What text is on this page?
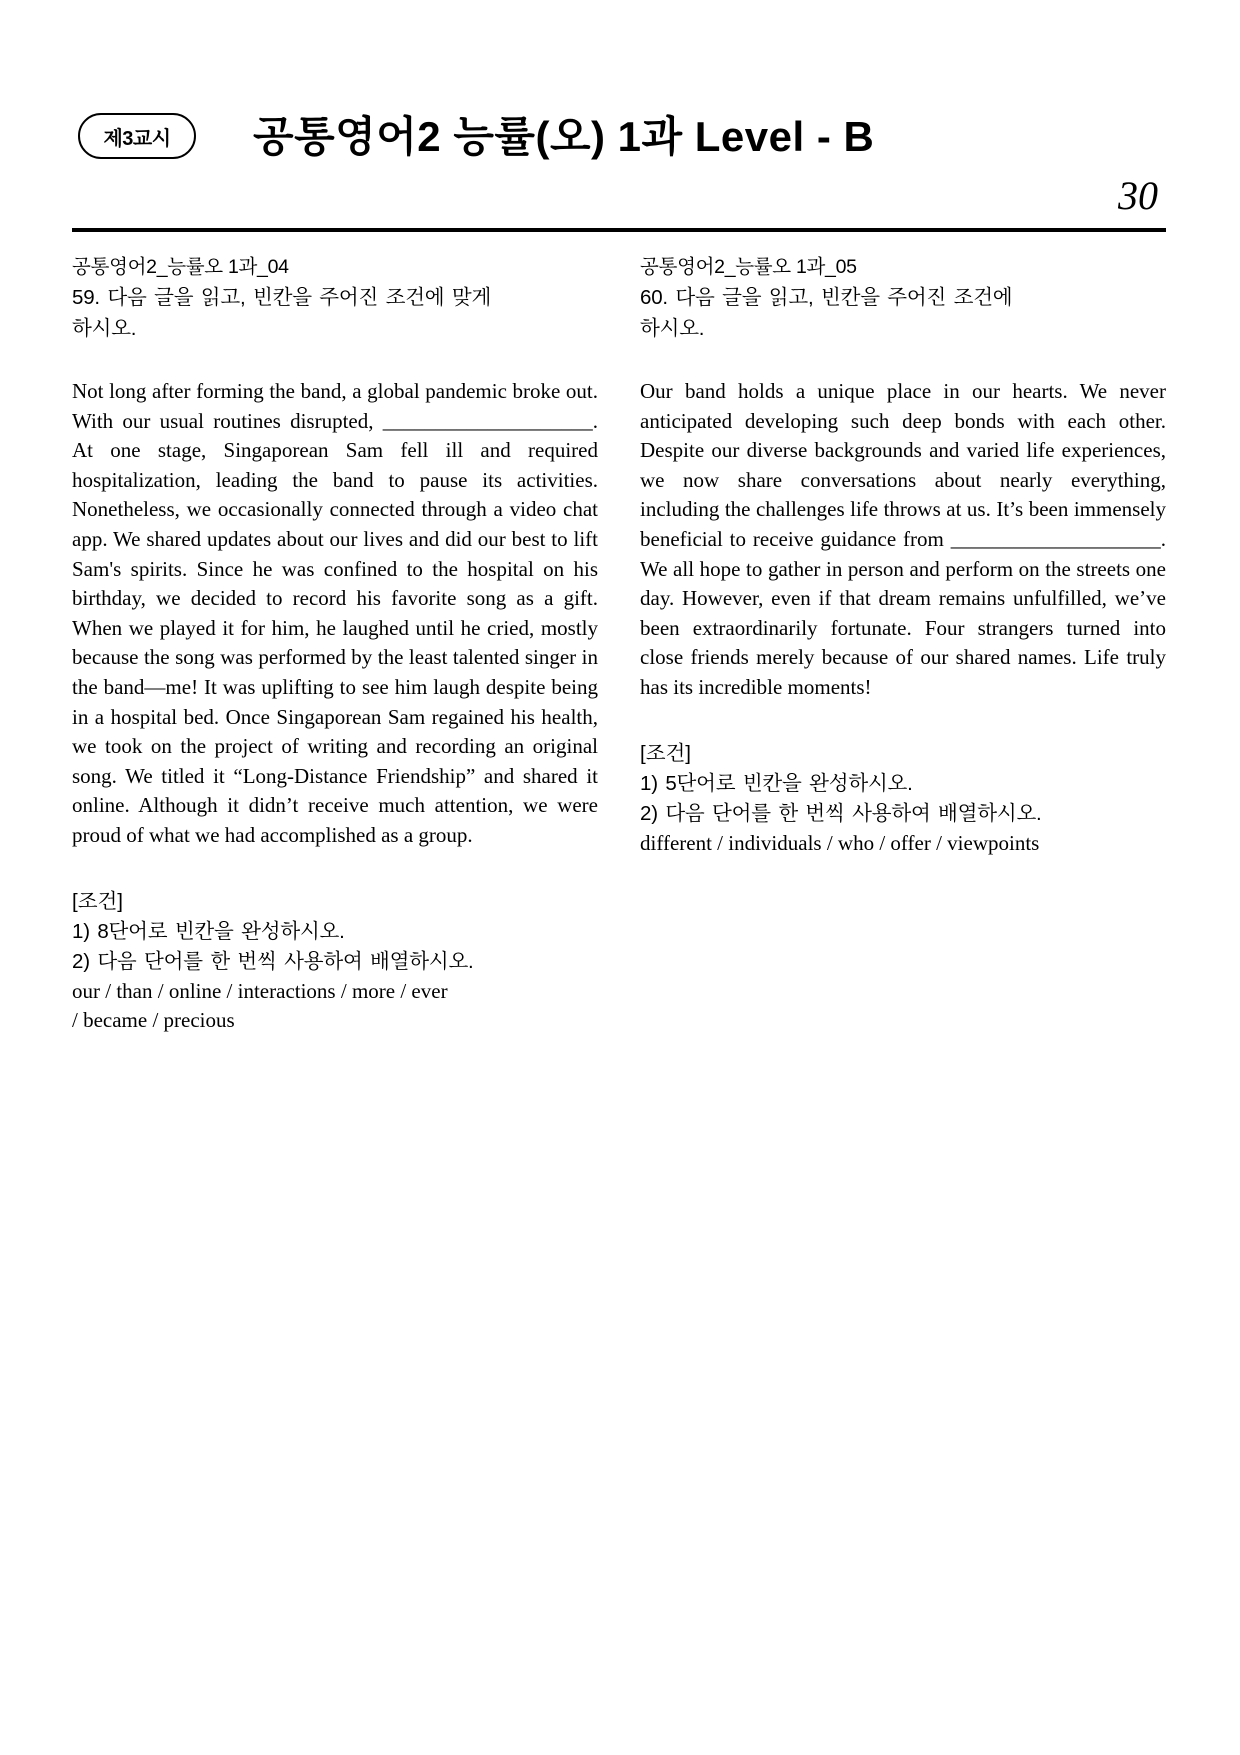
제3교시	공통영어2 능률(오) 1과 Level - B
30

공통영어2_능률오 1과_04

59. 다음 글을 읽고, 빈칸을 주어진 조건에 맞게

하시오.

Not long after forming the band, a global pandemic broke out. With our usual routines disrupted, ____________________. At one stage, Singaporean Sam fell ill and required hospitalization, leading the band to pause its activities. Nonetheless, we occasionally connected through a video chat app. We shared updates about our lives and did our best to lift Sam's spirits. Since he was confined to the hospital on his birthday, we decided to record his favorite song as a gift. When we played it for him, he laughed until he cried, mostly because the song was performed by the least talented singer in the band—me! It was uplifting to see him laugh despite being in a hospital bed. Once Singaporean Sam regained his health, we took on the project of writing and recording an original song. We titled it “Long-Distance Friendship” and shared it online. Although it didn’t receive much attention, we were proud of what we had accomplished as a group.

[조건]

1) 8단어로 빈칸을 완성하시오.

2) 다음 단어를 한 번씩 사용하여 배열하시오.

our / than / online / interactions / more / ever

/ became / precious

공통영어2_능률오 1과_05

60. 다음 글을 읽고, 빈칸을 주어진 조건에

하시오.

Our band holds a unique place in our hearts. We never anticipated developing such deep bonds with each other. Despite our diverse backgrounds and varied life experiences, we now share conversations about nearly everything, including the challenges life throws at us. It’s been immensely beneficial to receive guidance from ____________________. We all hope to gather in person and perform on the streets one day. However, even if that dream remains unfulfilled, we’ve been extraordinarily fortunate. Four strangers turned into close friends merely because of our shared names. Life truly has its incredible moments!

[조건]

1) 5단어로 빈칸을 완성하시오.

2) 다음 단어를 한 번씩 사용하여 배열하시오.

different / individuals / who / offer / viewpoints
